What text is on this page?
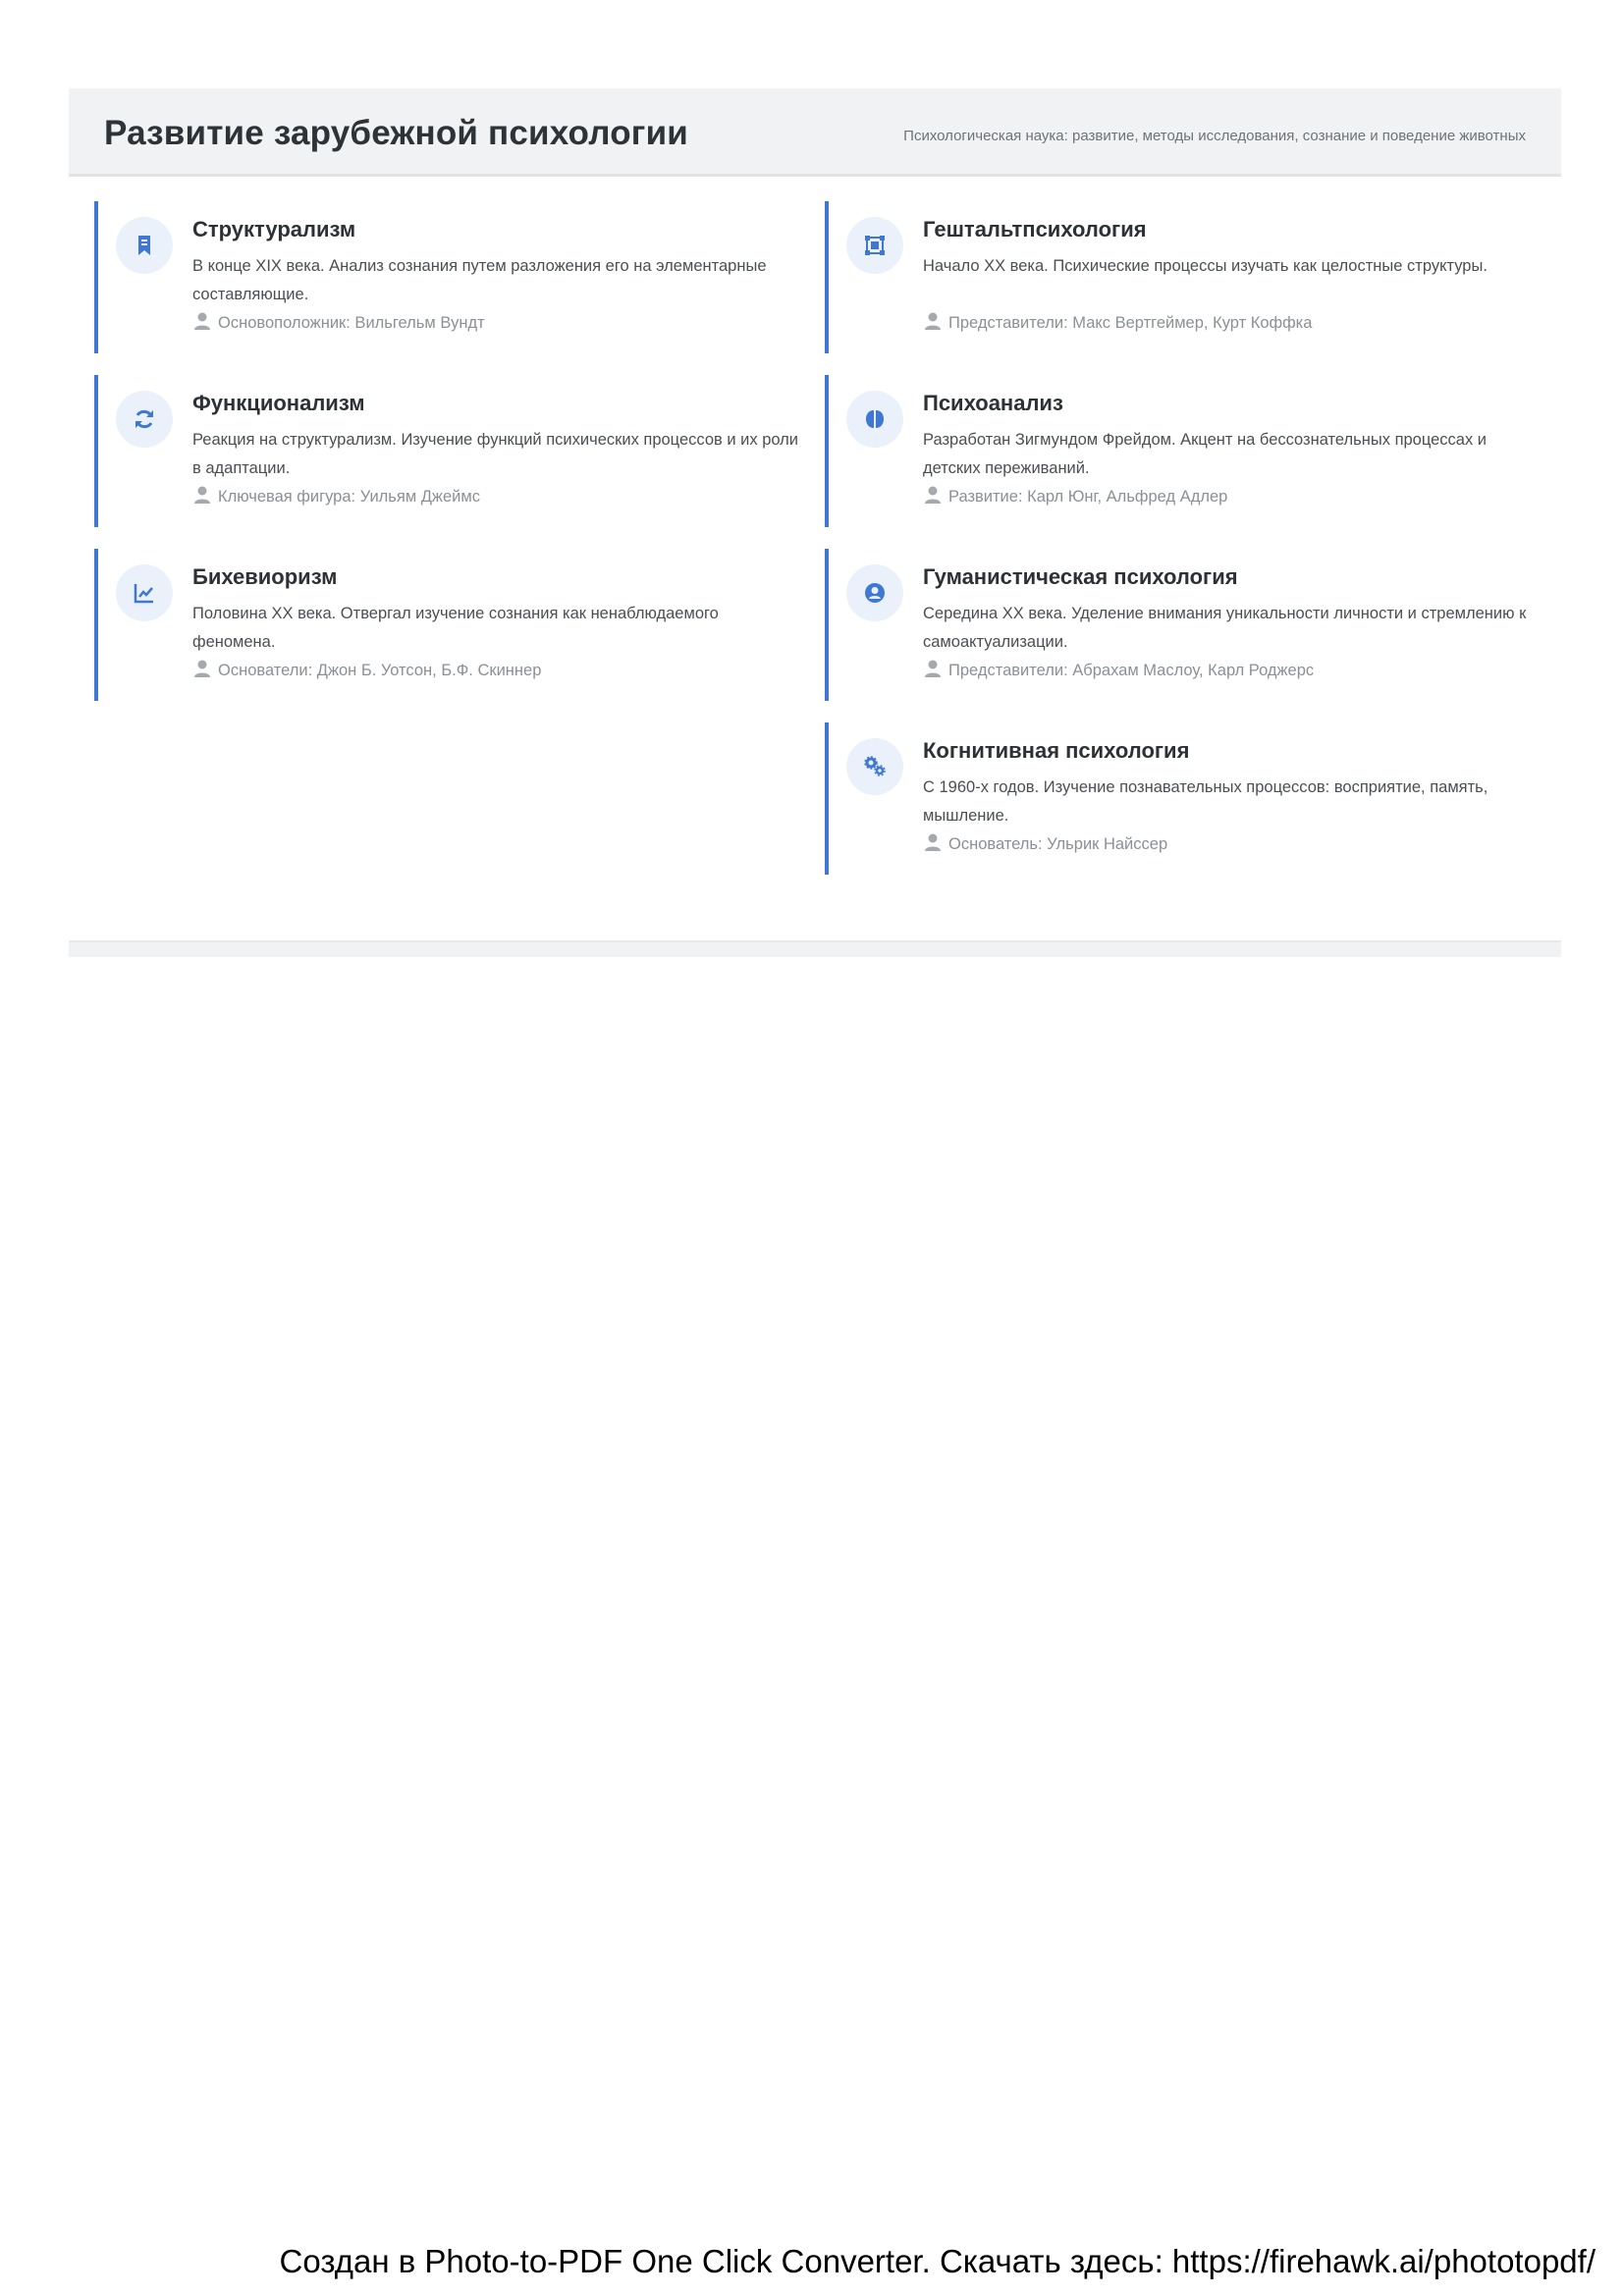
Развитие зарубежной психологии	Психологическая наука: развитие, методы исследования, сознание и поведение животных
Структурализм
В конце XIX века. Анализ сознания путем разложения его на элементарные составляющие.
Основоположник: Вильгельм Вундт
Гештальтпсихология
Начало XX века. Психические процессы изучать как целостные структуры.
Представители: Макс Вертгеймер, Курт Коффка
Функционализм
Реакция на структурализм. Изучение функций психических процессов и их роли в адаптации.
Ключевая фигура: Уильям Джеймс
Психоанализ
Разработан Зигмундом Фрейдом. Акцент на бессознательных процессах и детских переживаний.
Развитие: Карл Юнг, Альфред Адлер
Бихевиоризм
Половина XX века. Отвергал изучение сознания как ненаблюдаемого феномена.
Основатели: Джон Б. Уотсон, Б.Ф. Скиннер
Гуманистическая психология
Середина XX века. Уделение внимания уникальности личности и стремлению к самоактуализации.
Представители: Абрахам Маслоу, Карл Роджерс
Когнитивная психология
С 1960-х годов. Изучение познавательных процессов: восприятие, память, мышление.
Основатель: Ульрик Найссер
Создан в Photo-to-PDF One Click Converter. Скачать здесь: https://firehawk.ai/phototopdf/
